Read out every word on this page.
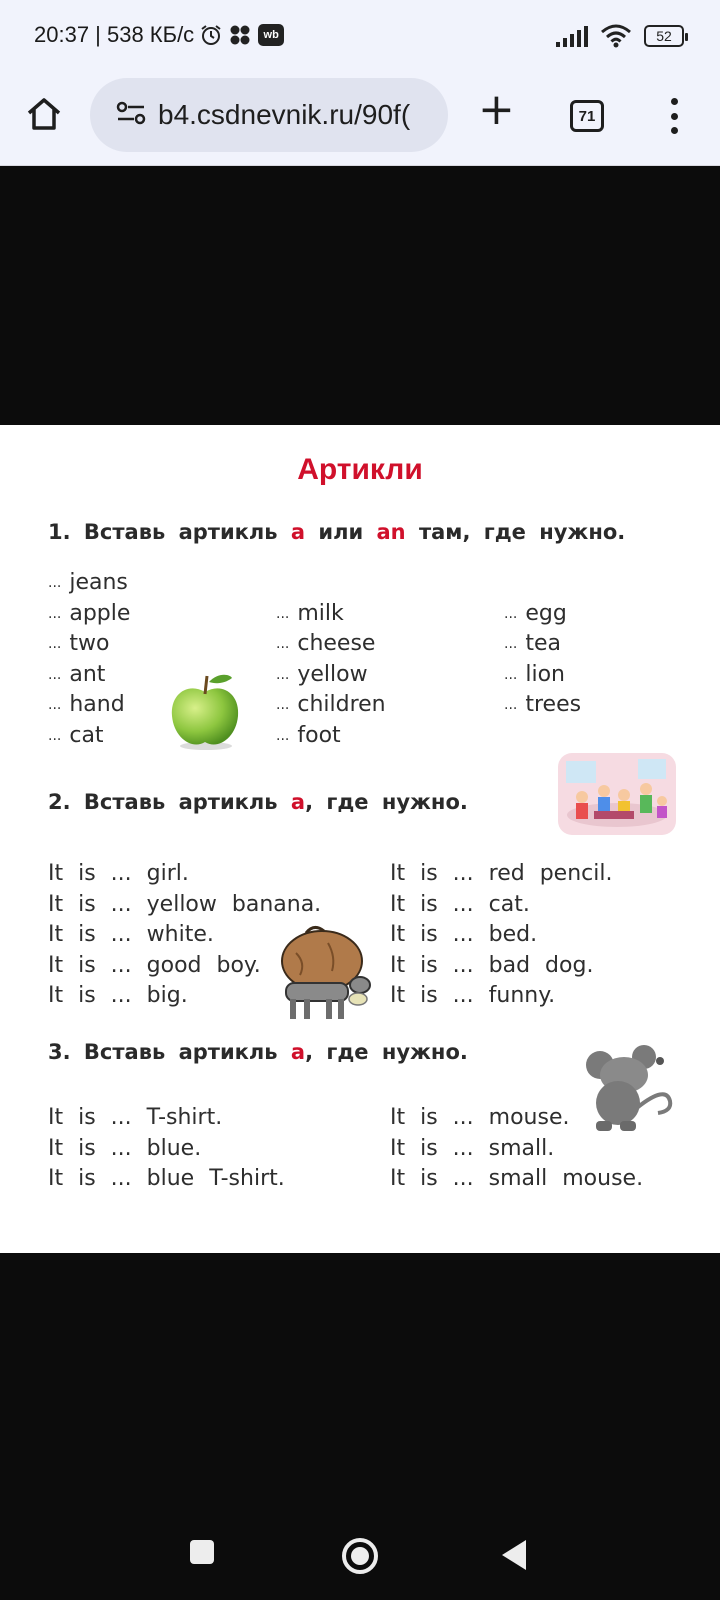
20:37 | 538 КБ/с	wb	52
b4.csdnevnik.ru/90f( +	71
Артикли
1. Вставь артикль a или an там, где нужно.
... jeans
... apple
... two
... ant
... hand
... cat
... milk
... cheese
... yellow
... children
... foot
... egg
... tea
... lion
... trees
2. Вставь артикль a, где нужно.
It is ... girl.
It is ... yellow banana.
It is ... white.
It is ... good boy.
It is ... big.
It is ... red pencil.
It is ... cat.
It is ... bed.
It is ... bad dog.
It is ... funny.
3. Вставь артикль a, где нужно.
It is ... T-shirt.
It is ... blue.
It is ... blue T-shirt.
It is ... mouse.
It is ... small.
It is ... small mouse.
